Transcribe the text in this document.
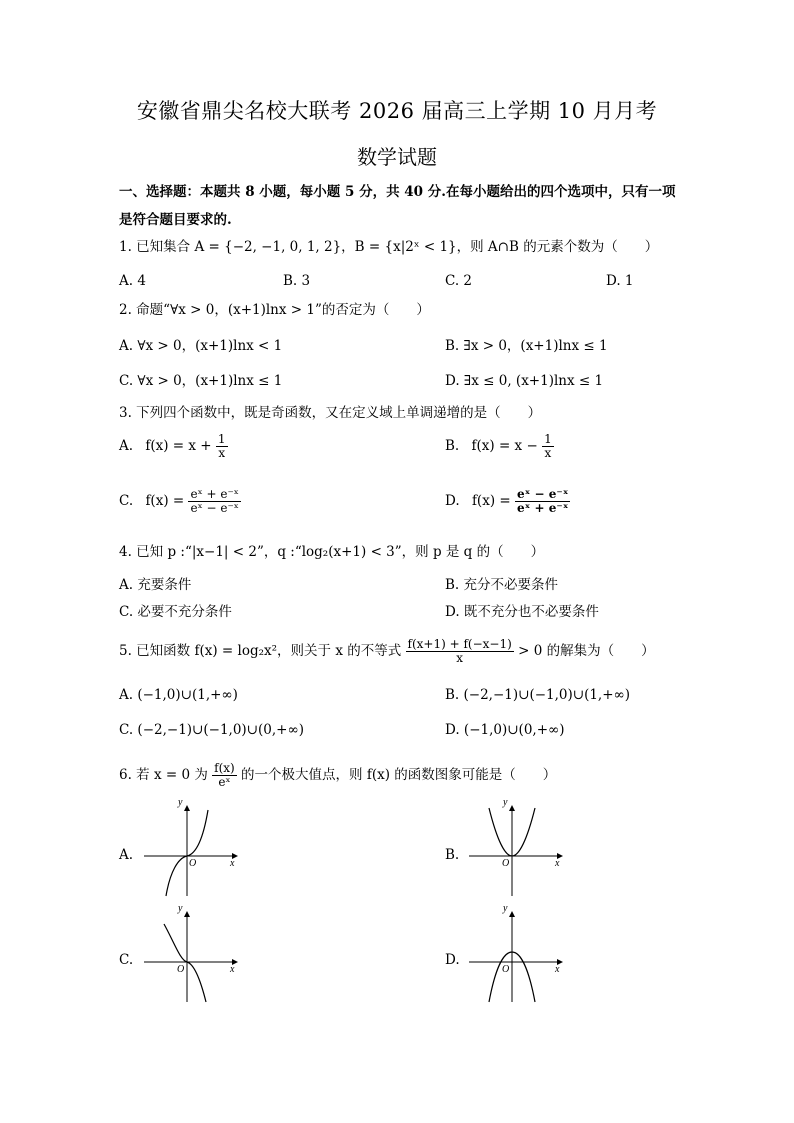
安徽省鼎尖名校大联考 2026 届高三上学期 10 月月考
数学试题
一、选择题：本题共 8 小题，每小题 5 分，共 40 分.在每小题给出的四个选项中，只有一项是符合题目要求的.
1. 已知集合 A = {−2, −1, 0, 1, 2}，B = {x|2ˣ < 1}，则 A∩B 的元素个数为（　　）
A. 4	B. 3	C. 2	D. 1
2. 命题“∀x > 0，(x+1)lnx > 1”的否定为（　　）
A. ∀x > 0，(x+1)lnx < 1	B. ∃x > 0，(x+1)lnx ≤ 1
C. ∀x > 0，(x+1)lnx ≤ 1	D. ∃x ≤ 0, (x+1)lnx ≤ 1
3. 下列四个函数中，既是奇函数，又在定义域上单调递增的是（　　）
A. $f(x) = x + \frac{1}{x}$	B. $f(x) = x - \frac{1}{x}$
C. $f(x) = \frac{\text{eˣ + e⁻ˣ}}{\text{eˣ − e⁻ˣ}}$	D. $f(x) = \frac{\text{eˣ − e⁻ˣ}}{\text{eˣ + e⁻ˣ}}$
4. 已知 p :“|x−1| < 2”，q :“log₂(x+1) < 3”，则 p 是 q 的（　　）
A. 充要条件	B. 充分不必要条件
C. 必要不充分条件	D. 既不充分也不必要条件
5. 已知函数 f(x) = log₂x²，则关于 x 的不等式 $\frac{f(x+1) + f(-x-1)}{x} > 0$ 的解集为（　　）
A. (−1,0)∪(1,+∞)	B. (−2,−1)∪(−1,0)∪(1,+∞)
C. (−2,−1)∪(−1,0)∪(0,+∞)	D. (−1,0)∪(0,+∞)
6. 若 x = 0 为 $\frac{f(x)}{\text{eˣ}}$ 的一个极大值点，则 f(x) 的函数图象可能是（　　）
A.	B.
C.	D.
y
x
O
y
x
O
y
x
O
y
x
O
